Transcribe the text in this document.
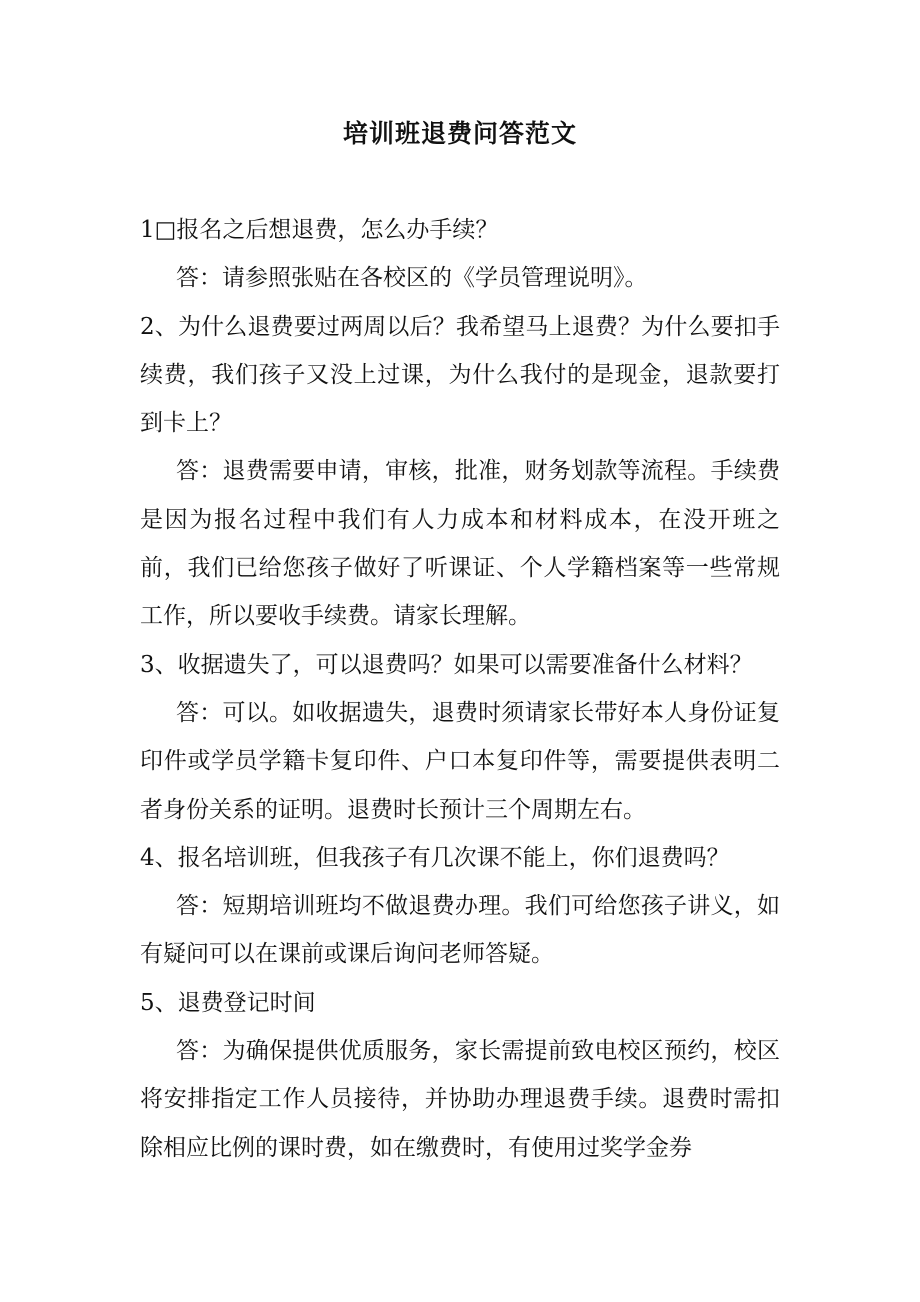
培训班退费问答范文

1□报名之后想退费，怎么办手续？

答：请参照张贴在各校区的《学员管理说明》。

2、为什么退费要过两周以后？我希望马上退费？为什么要扣手续费，我们孩子又没上过课，为什么我付的是现金，退款要打到卡上？

答：退费需要申请，审核，批准，财务划款等流程。手续费是因为报名过程中我们有人力成本和材料成本，在没开班之前，我们已给您孩子做好了听课证、个人学籍档案等一些常规工作，所以要收手续费。请家长理解。

3、收据遗失了，可以退费吗？如果可以需要准备什么材料？

答：可以。如收据遗失，退费时须请家长带好本人身份证复印件或学员学籍卡复印件、户口本复印件等，需要提供表明二者身份关系的证明。退费时长预计三个周期左右。

4、报名培训班，但我孩子有几次课不能上，你们退费吗？

答：短期培训班均不做退费办理。我们可给您孩子讲义，如有疑问可以在课前或课后询问老师答疑。

5、退费登记时间

答：为确保提供优质服务，家长需提前致电校区预约，校区将安排指定工作人员接待，并协助办理退费手续。退费时需扣除相应比例的课时费，如在缴费时，有使用过奖学金券
